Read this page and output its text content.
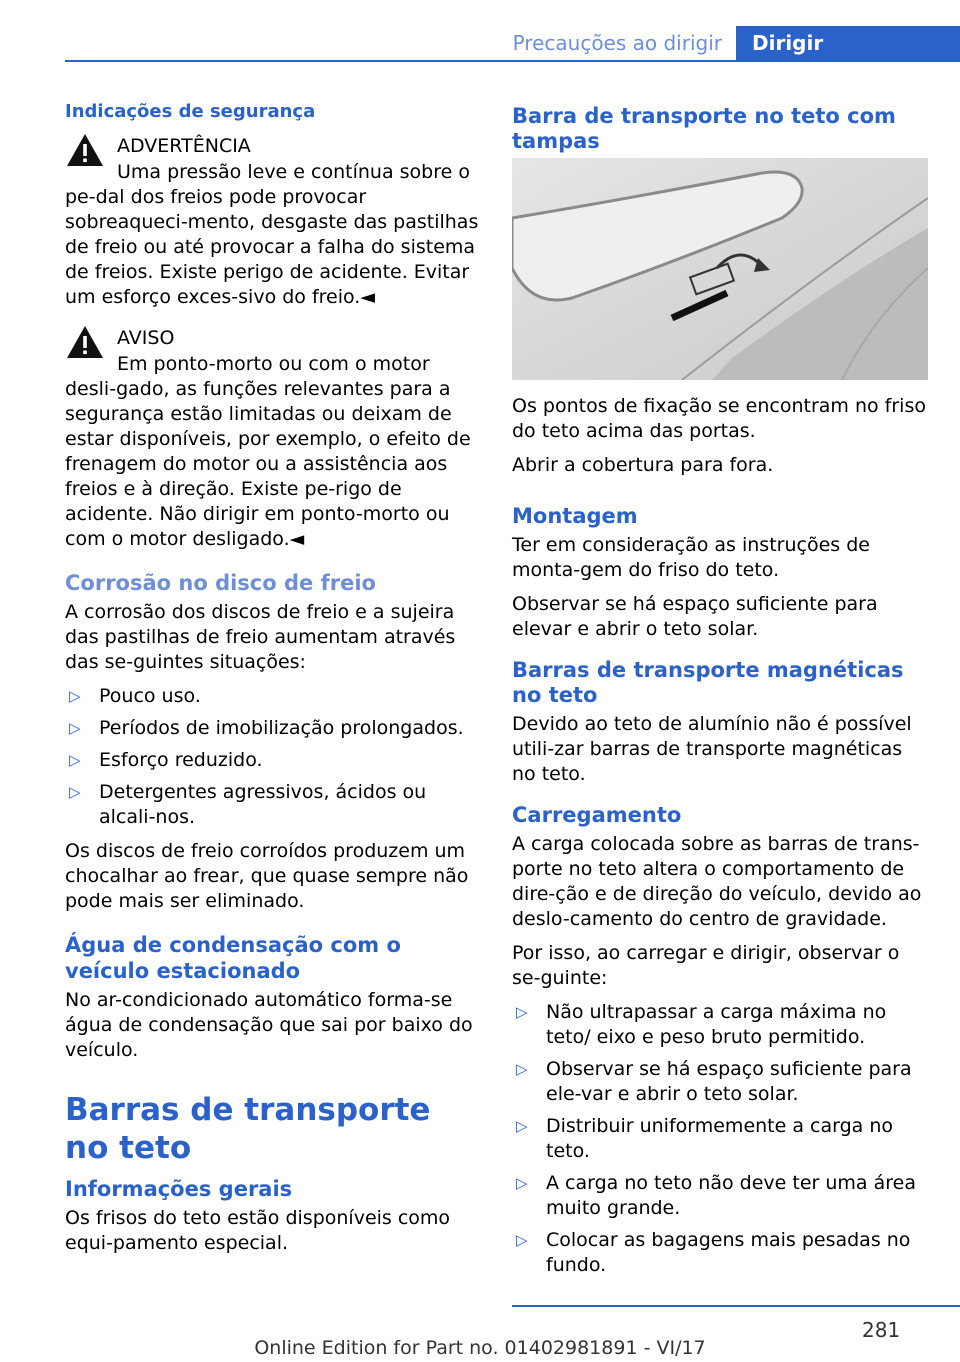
Precauções ao dirigir	Dirigir
Indicações de segurança
ADVERTÊNCIA

Uma pressão leve e contínua sobre o pe-dal dos freios pode provocar sobreaqueci-mento, desgaste das pastilhas de freio ou até provocar a falha do sistema de freios. Existe perigo de acidente. Evitar um esforço exces-sivo do freio.◄

AVISO

Em ponto-morto ou com o motor desli-gado, as funções relevantes para a segurança estão limitadas ou deixam de estar disponíveis, por exemplo, o efeito de frenagem do motor ou a assistência aos freios e à direção. Existe pe-rigo de acidente. Não dirigir em ponto-morto ou com o motor desligado.◄

Corrosão no disco de freio

A corrosão dos discos de freio e a sujeira das pastilhas de freio aumentam através das se-guintes situações:

▷ Pouco uso.
▷ Períodos de imobilização prolongados.
▷ Esforço reduzido.
▷ Detergentes agressivos, ácidos ou alcali-nos.

Os discos de freio corroídos produzem um chocalhar ao frear, que quase sempre não pode mais ser eliminado.

Água de condensação com o veículo estacionado

No ar-condicionado automático forma-se água de condensação que sai por baixo do veículo.

Barras de transporte no teto
Informações gerais

Os frisos do teto estão disponíveis como equi-pamento especial.

Barra de transporte no teto com tampas

Os pontos de fixação se encontram no friso do teto acima das portas.

Abrir a cobertura para fora.

Montagem

Ter em consideração as instruções de monta-gem do friso do teto.

Observar se há espaço suficiente para elevar e abrir o teto solar.

Barras de transporte magnéticas no teto

Devido ao teto de alumínio não é possível utili-zar barras de transporte magnéticas no teto.

Carregamento

A carga colocada sobre as barras de trans-porte no teto altera o comportamento de dire-ção e de direção do veículo, devido ao deslo-camento do centro de gravidade.

Por isso, ao carregar e dirigir, observar o se-guinte:

▷ Não ultrapassar a carga máxima no teto/ eixo e peso bruto permitido.
▷ Observar se há espaço suficiente para ele-var e abrir o teto solar.
▷ Distribuir uniformemente a carga no teto.
▷ A carga no teto não deve ter uma área muito grande.
▷ Colocar as bagagens mais pesadas no fundo.
281
Online Edition for Part no. 01402981891 - VI/17
